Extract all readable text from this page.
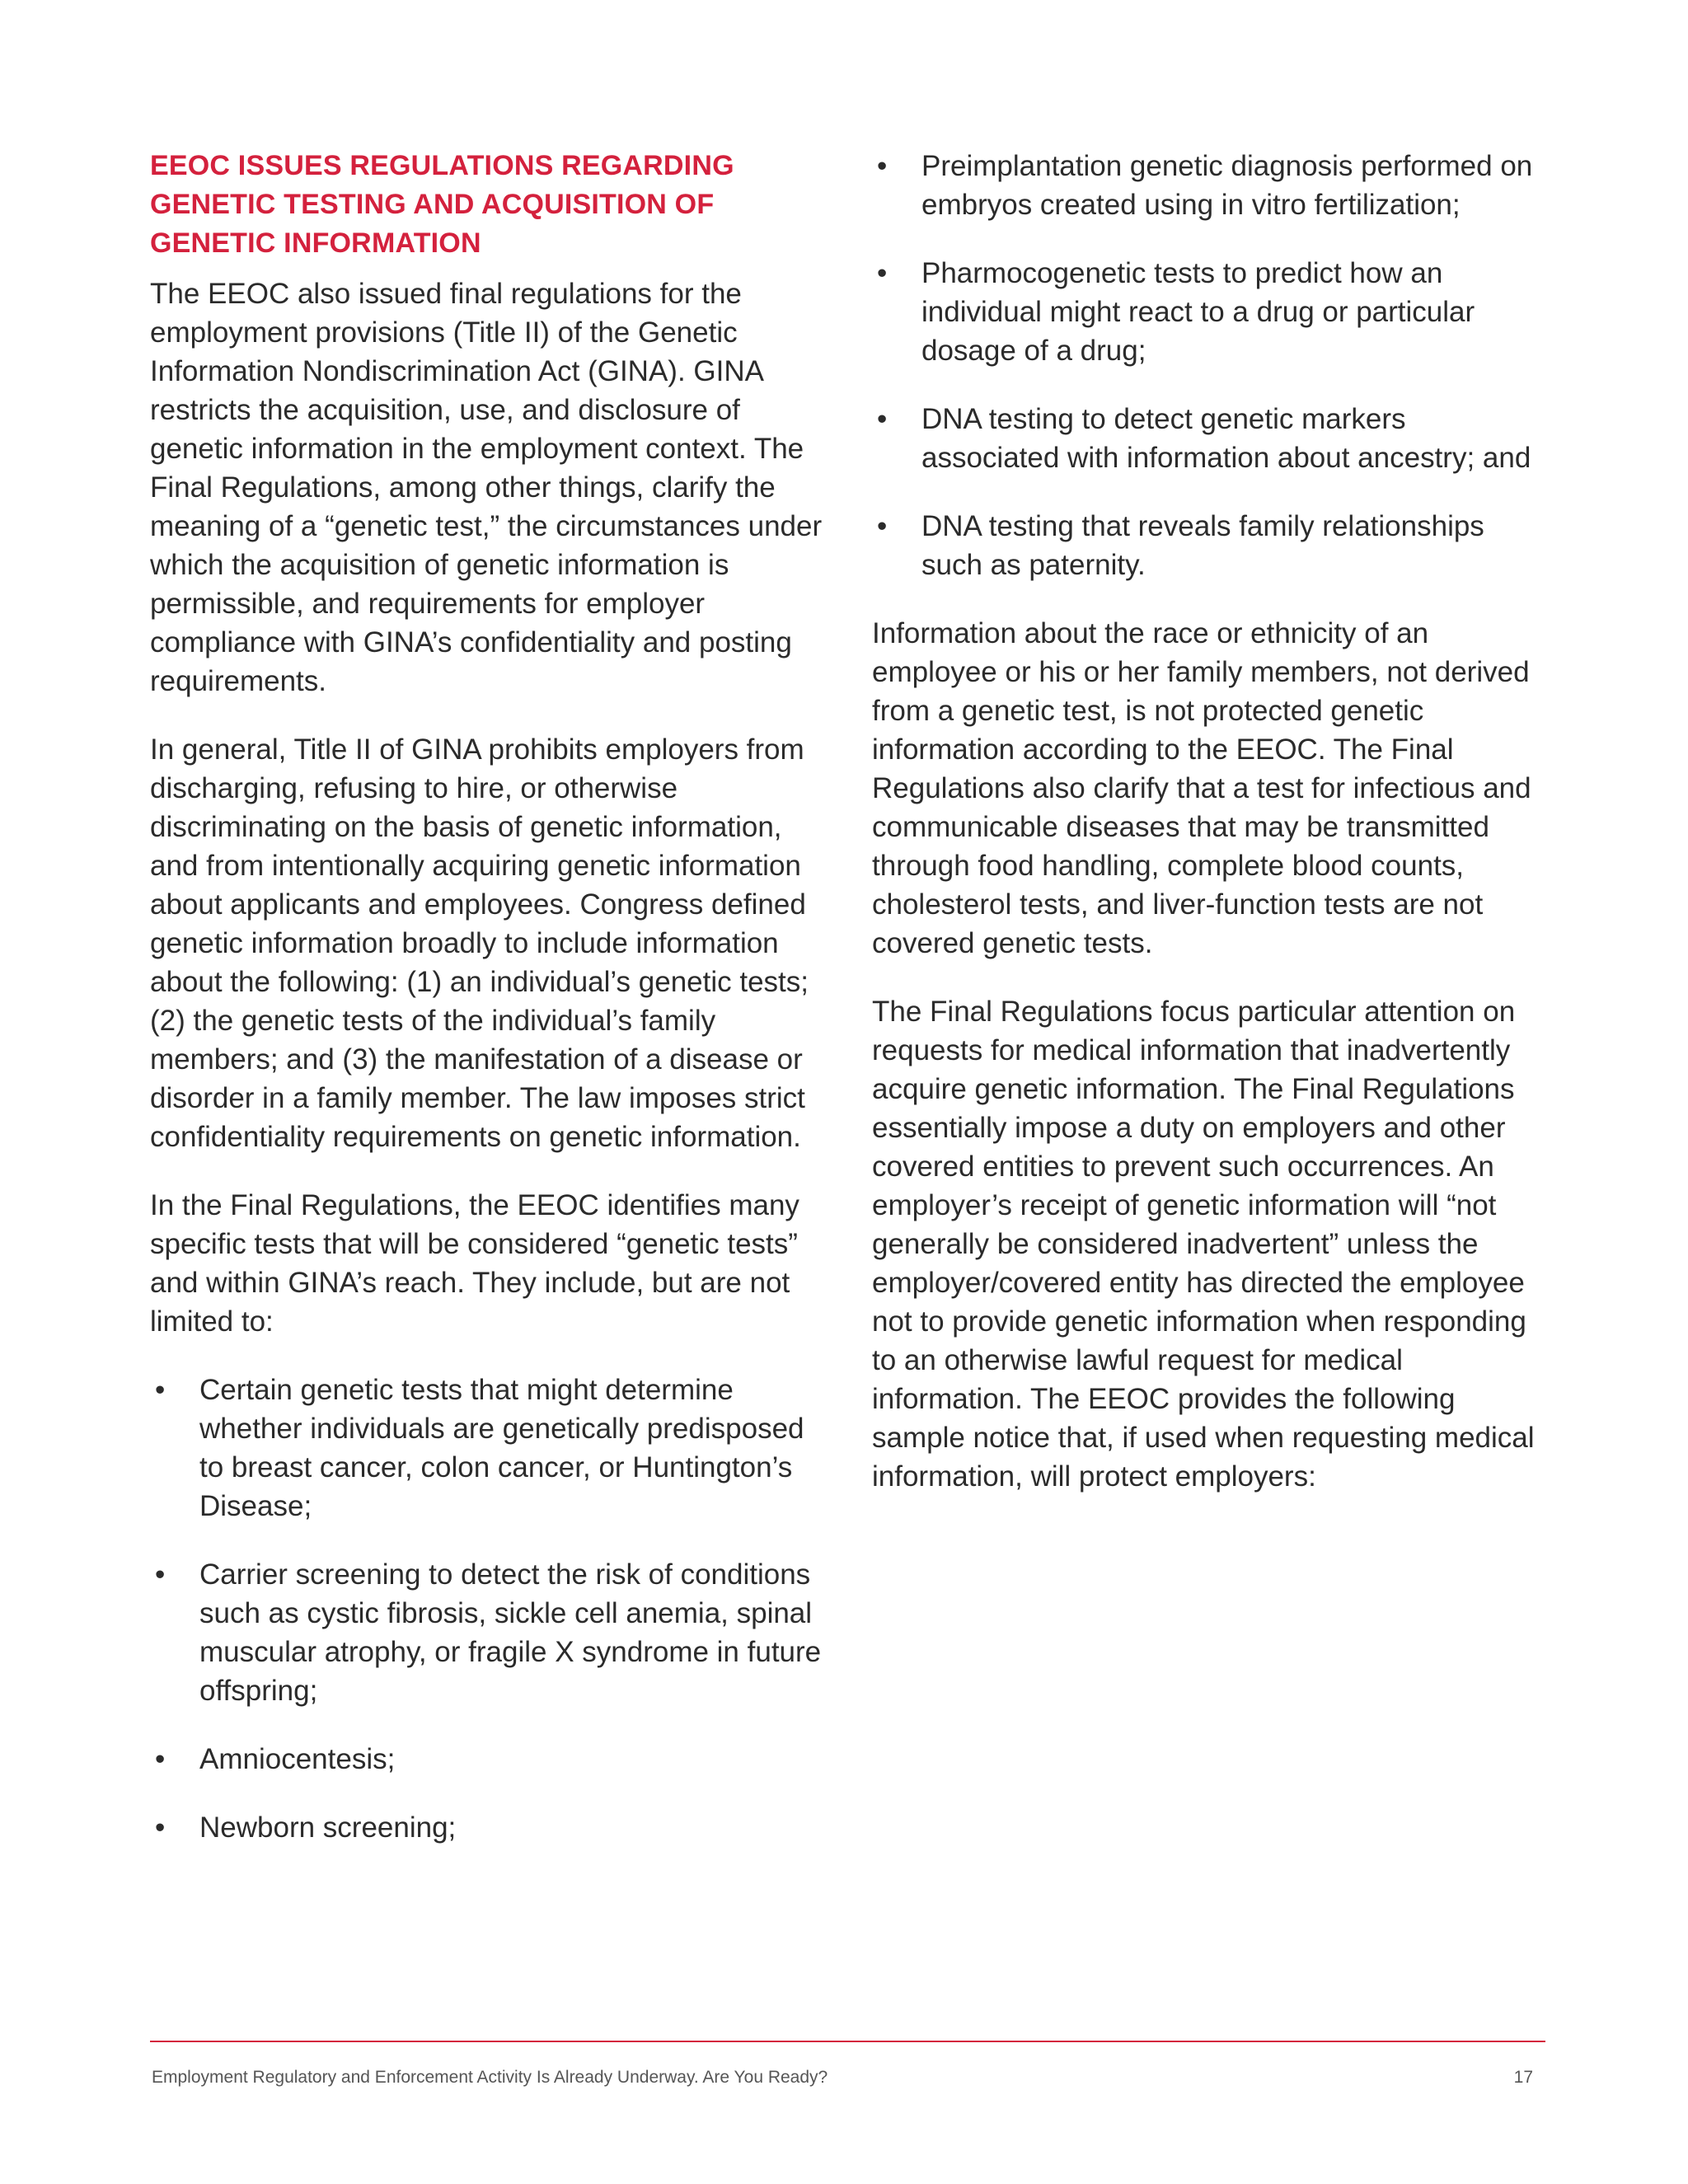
EEOC ISSUES REGULATIONS REGARDING GENETIC TESTING AND ACQUISITION OF GENETIC INFORMATION

The EEOC also issued final regulations for the employment provisions (Title II) of the Genetic Information Nondiscrimination Act (GINA). GINA restricts the acquisition, use, and disclosure of genetic information in the employment context. The Final Regulations, among other things, clarify the meaning of a “genetic test,” the circumstances under which the acquisition of genetic information is permissible, and requirements for employer compliance with GINA’s confidentiality and posting requirements.

In general, Title II of GINA prohibits employers from discharging, refusing to hire, or otherwise discriminating on the basis of genetic information, and from intentionally acquiring genetic information about applicants and employees. Congress defined genetic information broadly to include information about the following: (1) an individual’s genetic tests; (2) the genetic tests of the individual’s family members; and (3) the manifestation of a disease or disorder in a family member. The law imposes strict confidentiality requirements on genetic information.

In the Final Regulations, the EEOC identifies many specific tests that will be considered “genetic tests” and within GINA’s reach. They include, but are not limited to:

• Certain genetic tests that might determine whether individuals are genetically predisposed to breast cancer, colon cancer, or Huntington’s Disease;
• Carrier screening to detect the risk of conditions such as cystic fibrosis, sickle cell anemia, spinal muscular atrophy, or fragile X syndrome in future offspring;
• Amniocentesis;
• Newborn screening;
• Preimplantation genetic diagnosis performed on embryos created using in vitro fertilization;
• Pharmocogenetic tests to predict how an individual might react to a drug or particular dosage of a drug;
• DNA testing to detect genetic markers associated with information about ancestry; and
• DNA testing that reveals family relationships such as paternity.

Information about the race or ethnicity of an employee or his or her family members, not derived from a genetic test, is not protected genetic information according to the EEOC. The Final Regulations also clarify that a test for infectious and communicable diseases that may be transmitted through food handling, complete blood counts, cholesterol tests, and liver-function tests are not covered genetic tests.

The Final Regulations focus particular attention on requests for medical information that inadvertently acquire genetic information. The Final Regulations essentially impose a duty on employers and other covered entities to prevent such occurrences. An employer’s receipt of genetic information will “not generally be considered inadvertent” unless the employer/covered entity has directed the employee not to provide genetic information when responding to an otherwise lawful request for medical information. The EEOC provides the following sample notice that, if used when requesting medical information, will protect employers:

Employment Regulatory and Enforcement Activity Is Already Underway. Are You Ready?	17
